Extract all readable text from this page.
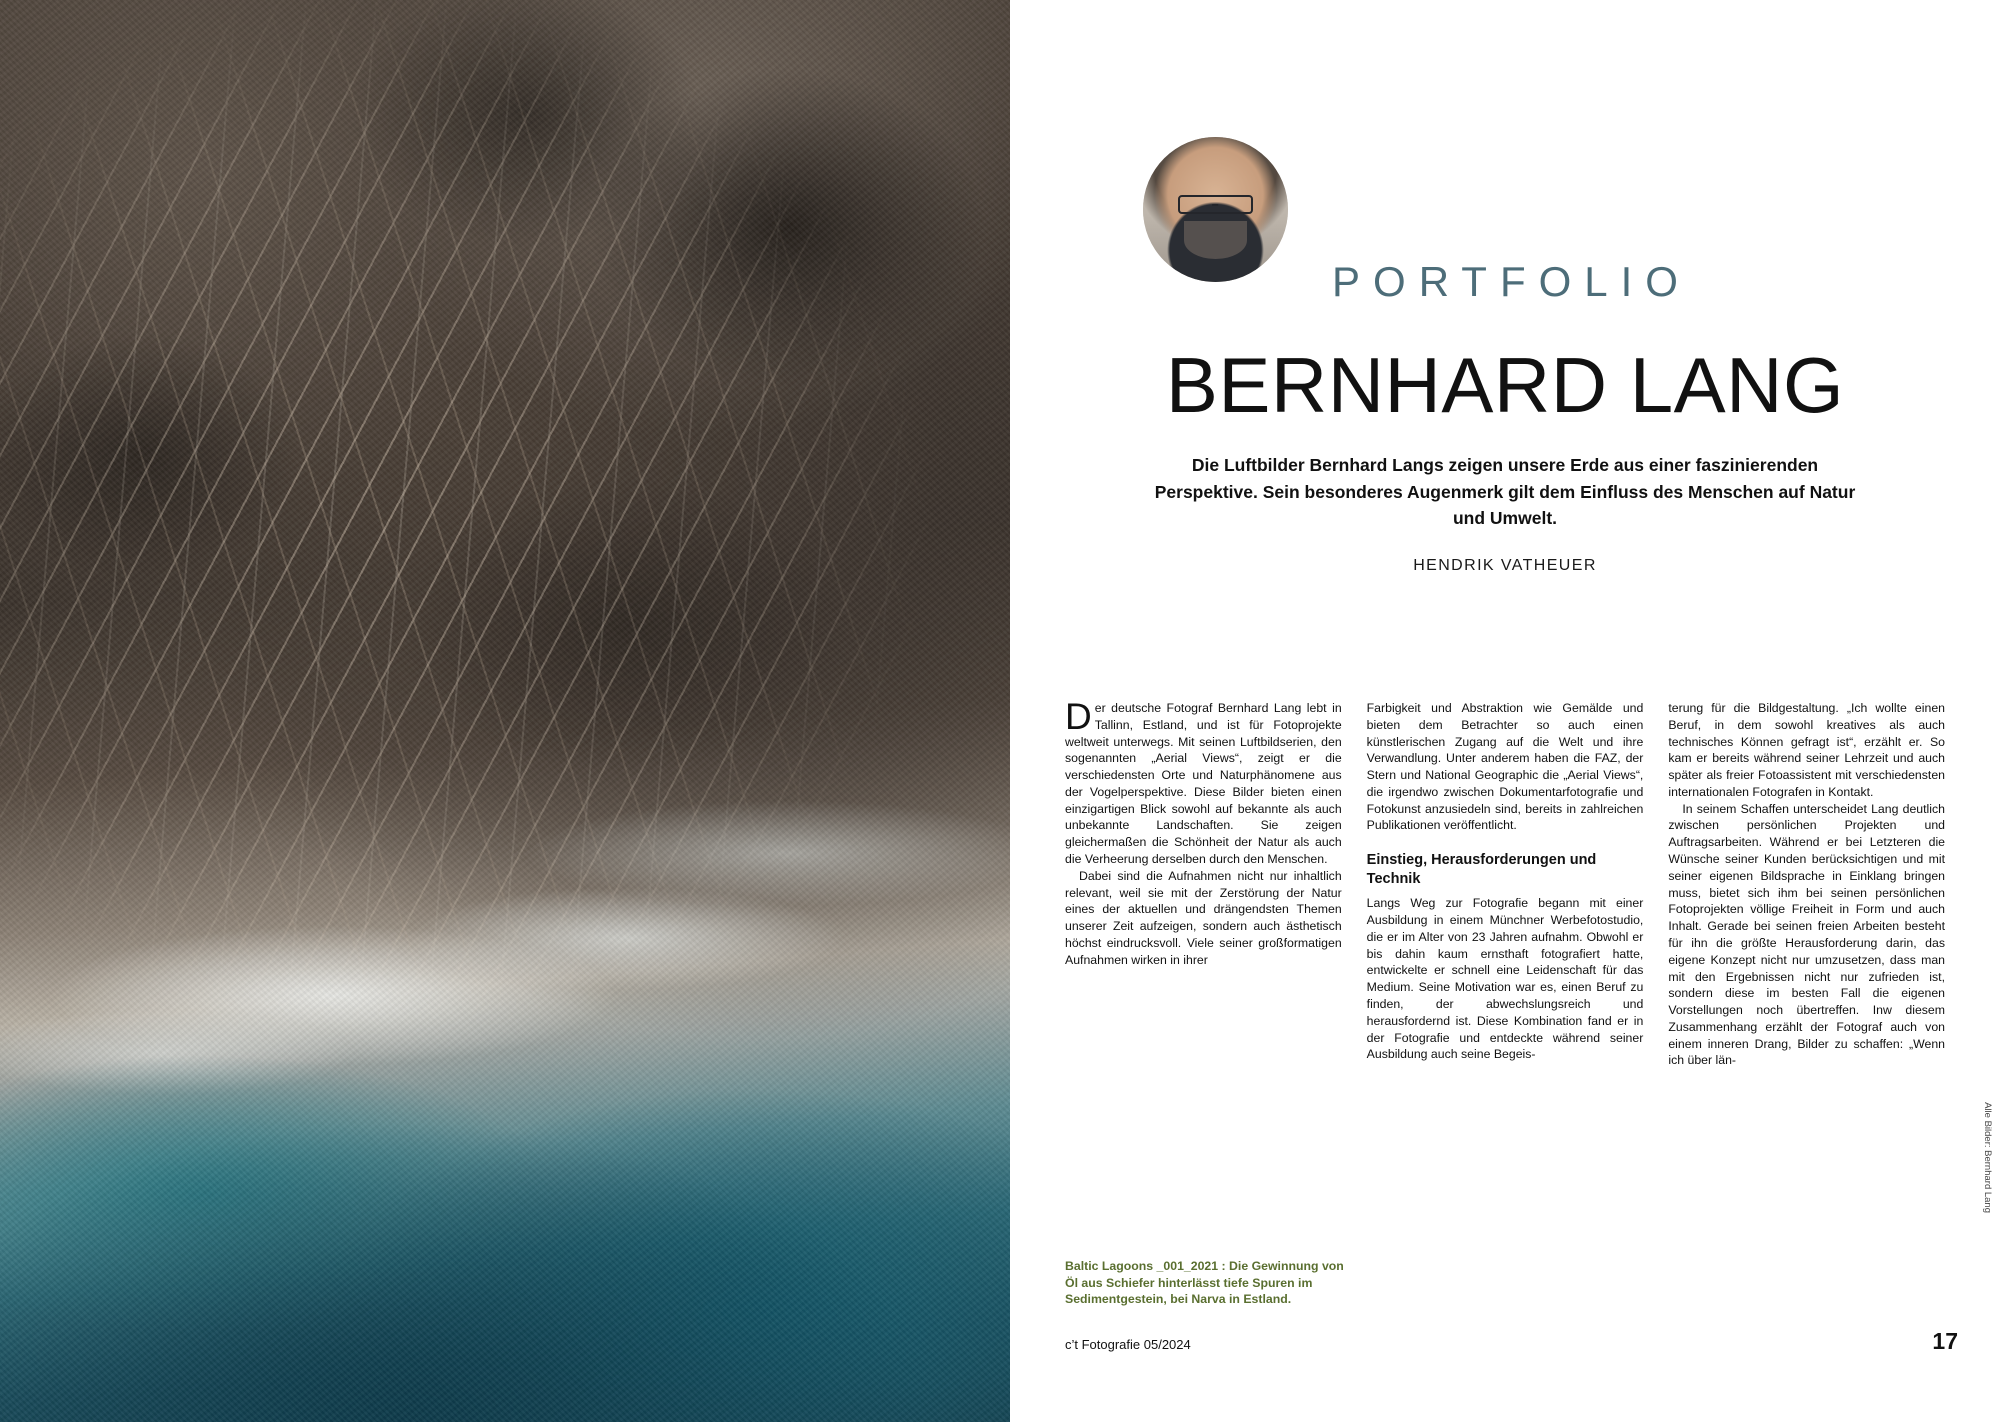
PORTFOLIO
BERNHARD LANG
Die Luftbilder Bernhard Langs zeigen unsere Erde aus einer faszinierenden Perspektive. Sein besonderes Augenmerk gilt dem Einfluss des Menschen auf Natur und Umwelt.
HENDRIK VATHEUER

Der deutsche Fotograf Bernhard Lang lebt in Tallinn, Estland, und ist für Fotoprojekte weltweit unterwegs. Mit seinen Luftbildserien, den sogenannten „Aerial Views“, zeigt er die verschiedensten Orte und Naturphänomene aus der Vogelperspektive. Diese Bilder bieten einen einzigartigen Blick sowohl auf bekannte als auch unbekannte Landschaften. Sie zeigen gleichermaßen die Schönheit der Natur als auch die Verheerung derselben durch den Menschen.

Dabei sind die Aufnahmen nicht nur inhaltlich relevant, weil sie mit der Zerstörung der Natur eines der aktuellen und drängendsten Themen unserer Zeit aufzeigen, sondern auch ästhetisch höchst eindrucksvoll. Viele seiner großformatigen Aufnahmen wirken in ihrer

Farbigkeit und Abstraktion wie Gemälde und bieten dem Betrachter so auch einen künstlerischen Zugang auf die Welt und ihre Verwandlung. Unter anderem haben die FAZ, der Stern und National Geographic die „Aerial Views“, die irgendwo zwischen Dokumentarfotografie und Fotokunst anzusiedeln sind, bereits in zahlreichen Publikationen veröffentlicht.

Einstieg, Herausforderungen und Technik

Langs Weg zur Fotografie begann mit einer Ausbildung in einem Münchner Werbefotostudio, die er im Alter von 23 Jahren aufnahm. Obwohl er bis dahin kaum ernsthaft fotografiert hatte, entwickelte er schnell eine Leidenschaft für das Medium. Seine Motivation war es, einen Beruf zu finden, der abwechslungsreich und herausfordernd ist. Diese Kombination fand er in der Fotografie und entdeckte während seiner Ausbildung auch seine Begeis-

terung für die Bildgestaltung. „Ich wollte einen Beruf, in dem sowohl kreatives als auch technisches Können gefragt ist“, erzählt er. So kam er bereits während seiner Lehrzeit und auch später als freier Fotoassistent mit verschiedensten internationalen Fotografen in Kontakt.

In seinem Schaffen unterscheidet Lang deutlich zwischen persönlichen Projekten und Auftragsarbeiten. Während er bei Letzteren die Wünsche seiner Kunden berücksichtigen und mit seiner eigenen Bildsprache in Einklang bringen muss, bietet sich ihm bei seinen persönlichen Fotoprojekten völlige Freiheit in Form und auch Inhalt. Gerade bei seinen freien Arbeiten besteht für ihn die größte Herausforderung darin, das eigene Konzept nicht nur umzusetzen, dass man mit den Ergebnissen nicht nur zufrieden ist, sondern diese im besten Fall die eigenen Vorstellungen noch übertreffen. Inw diesem Zusammenhang erzählt der Fotograf auch von einem inneren Drang, Bilder zu schaffen: „Wenn ich über län-

Baltic Lagoons _001_2021 : Die Gewinnung von Öl aus Schiefer hinterlässt tiefe Spuren im Sedimentgestein, bei Narva in Estland.
c’t Fotografie 05/2024	17
Alle Bilder: Bernhard Lang
